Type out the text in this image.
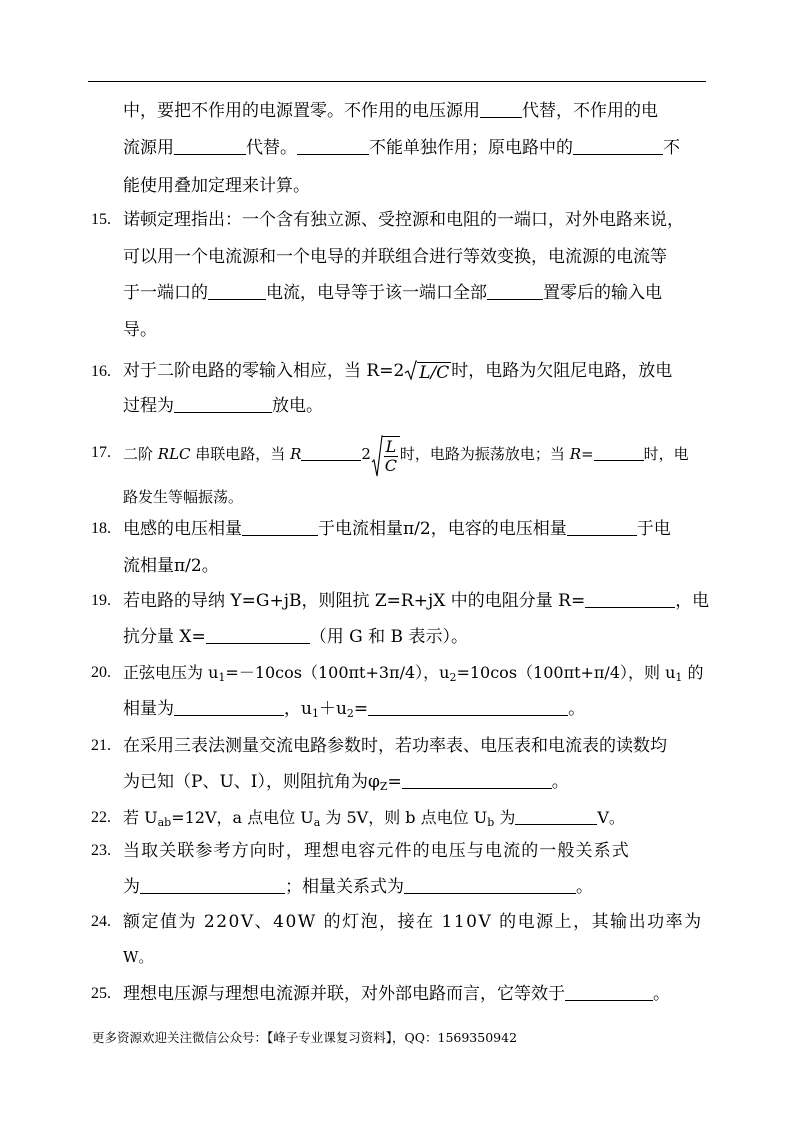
中，要把不作用的电源置零。不作用的电压源用 代替，不作用的电
流源用	代替。	不能单独作用；原电路中的	不
能使用叠加定理来计算。
15. 诺顿定理指出：一个含有独立源、受控源和电阻的一端口，对外电路来说，
可以用一个电流源和一个电导的并联组合进行等效变换，电流源的电流等
于一端口的	电流，电导等于该一端口全部	置零后的输入电
导。
16. 对于二阶电路的零输入相应，当 R=2 L/C 时，电路为欠阻尼电路，放电
过程为	放电。
17. 二阶 RLC 串联电路，当 R	$2 \frac{L}{C}$ 时，电路为振荡放电；当 R=	时，电
路发生等幅振荡。
18. 电感的电压相量	于电流相量π/2，电容的电压相量	于电
流相量π/2。
19. 若电路的导纳 Y=G+jB，则阻抗 Z=R+jX 中的电阻分量 R=	，电
抗分量 X=	（用 G 和 B 表示）。
20. 正弦电压为 $u_1=-10\cos(100\pi t+3\pi/4)$，$u_2=10\cos(100\pi t+\pi/4)$，则 $u_1$ 的
相量为	，$u_1+u_2=$	。
21. 在采用三表法测量交流电路参数时，若功率表、电压表和电流表的读数均
为已知（P、U、I），则阻抗角为$\varphi_Z=$	。
22. 若 $U_{ab}=12V$，a 点电位 $U_a$ 为 5V，则 b 点电位 $U_b$ 为	V。
23. 当取关联参考方向时，理想电容元件的电压与电流的一般关系式
为	；相量关系式为	。
24. 额定值为 220V、40W 的灯泡，接在 110V 的电源上，其输出功率为
W。
25. 理想电压源与理想电流源并联，对外部电路而言，它等效于	。
更多资源欢迎关注微信公众号：【峰子专业课复习资料】，QQ：1569350942
